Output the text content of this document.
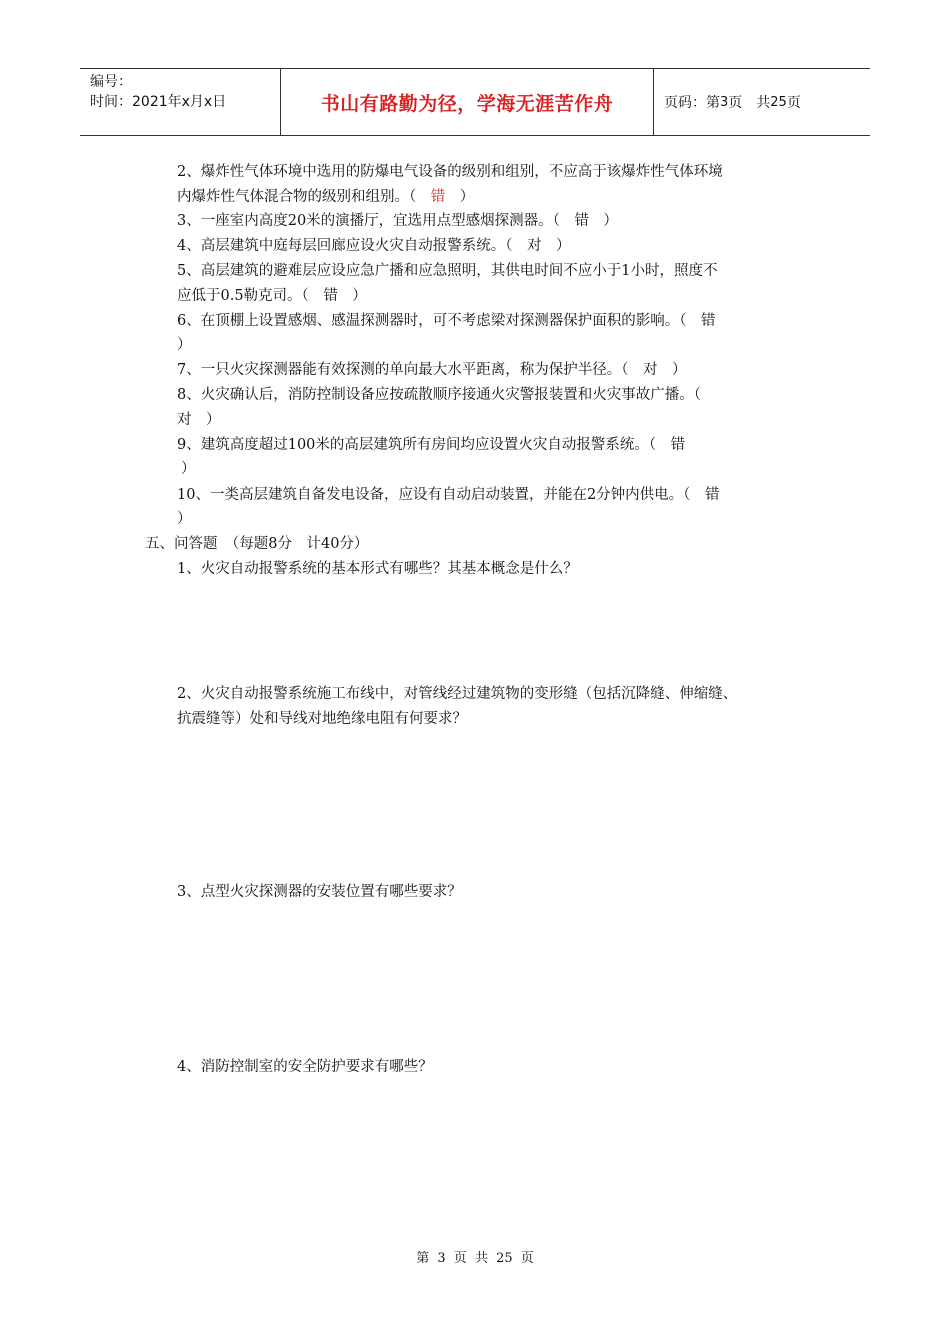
编号：
时间：2021年x月x日	书山有路勤为径，学海无涯苦作舟	页码：第 3 页　共 25 页
2、爆炸性气体环境中选用的防爆电气设备的级别和组别，不应高于该爆炸性气体环境
内爆炸性气体混合物的级别和组别。（　错　）
3、一座室内高度20米的演播厅，宜选用点型感烟探测器。（　错　）
4、高层建筑中庭每层回廊应设火灾自动报警系统。（　对　）
5、高层建筑的避难层应设应急广播和应急照明，其供电时间不应小于1小时，照度不
应低于0.5勒克司。（　错　）
6、在顶棚上设置感烟、感温探测器时，可不考虑梁对探测器保护面积的影响。（　错
）
7、一只火灾探测器能有效探测的单向最大水平距离，称为保护半径。（　对　）
8、火灾确认后，消防控制设备应按疏散顺序接通火灾警报装置和火灾事故广播。（
对　）
9、建筑高度超过100米的高层建筑所有房间均应设置火灾自动报警系统。（　错
）
10、一类高层建筑自备发电设备，应设有自动启动装置，并能在2分钟内供电。（　错
）
五、问答题　（每题8分　计40分）
1、火灾自动报警系统的基本形式有哪些？其基本概念是什么？
2、火灾自动报警系统施工布线中，对管线经过建筑物的变形缝（包括沉降缝、伸缩缝、
抗震缝等）处和导线对地绝缘电阻有何要求？
3、点型火灾探测器的安装位置有哪些要求？
4、消防控制室的安全防护要求有哪些？
第 3 页 共 25 页
